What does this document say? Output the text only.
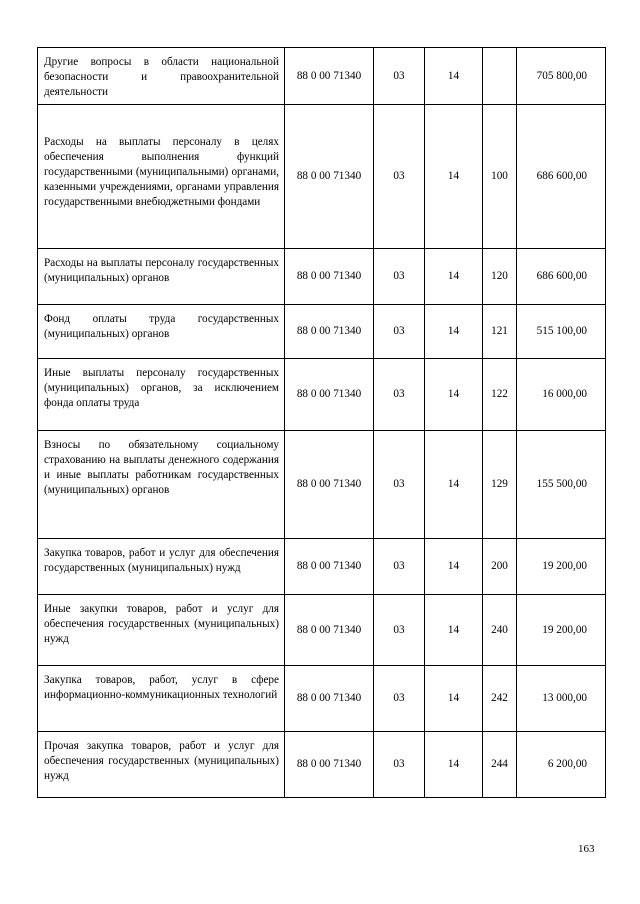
Другие вопросы в области национальной безопасности и правоохранительной деятельности	88 0 00 71340	03	14		705 800,00

Расходы на выплаты персоналу в целях обеспечения выполнения функций государственными (муниципальными) органами, казенными учреждениями, органами управления государственными внебюджетными фондами	88 0 00 71340	03	14	100	686 600,00

Расходы на выплаты персоналу государственных (муниципальных) органов	88 0 00 71340	03	14	120	686 600,00

Фонд оплаты труда государственных (муниципальных) органов	88 0 00 71340	03	14	121	515 100,00

Иные выплаты персоналу государственных (муниципальных) органов, за исключением фонда оплаты труда	88 0 00 71340	03	14	122	16 000,00

Взносы по обязательному социальному страхованию на выплаты денежного содержания и иные выплаты работникам государственных (муниципальных) органов	88 0 00 71340	03	14	129	155 500,00

Закупка товаров, работ и услуг для обеспечения государственных (муниципальных) нужд	88 0 00 71340	03	14	200	19 200,00

Иные закупки товаров, работ и услуг для обеспечения государственных (муниципальных) нужд	88 0 00 71340	03	14	240	19 200,00

Закупка товаров, работ, услуг в сфере информационно-коммуникационных технологий	88 0 00 71340	03	14	242	13 000,00

Прочая закупка товаров, работ и услуг для обеспечения государственных (муниципальных) нужд	88 0 00 71340	03	14	244	6 200,00
163
